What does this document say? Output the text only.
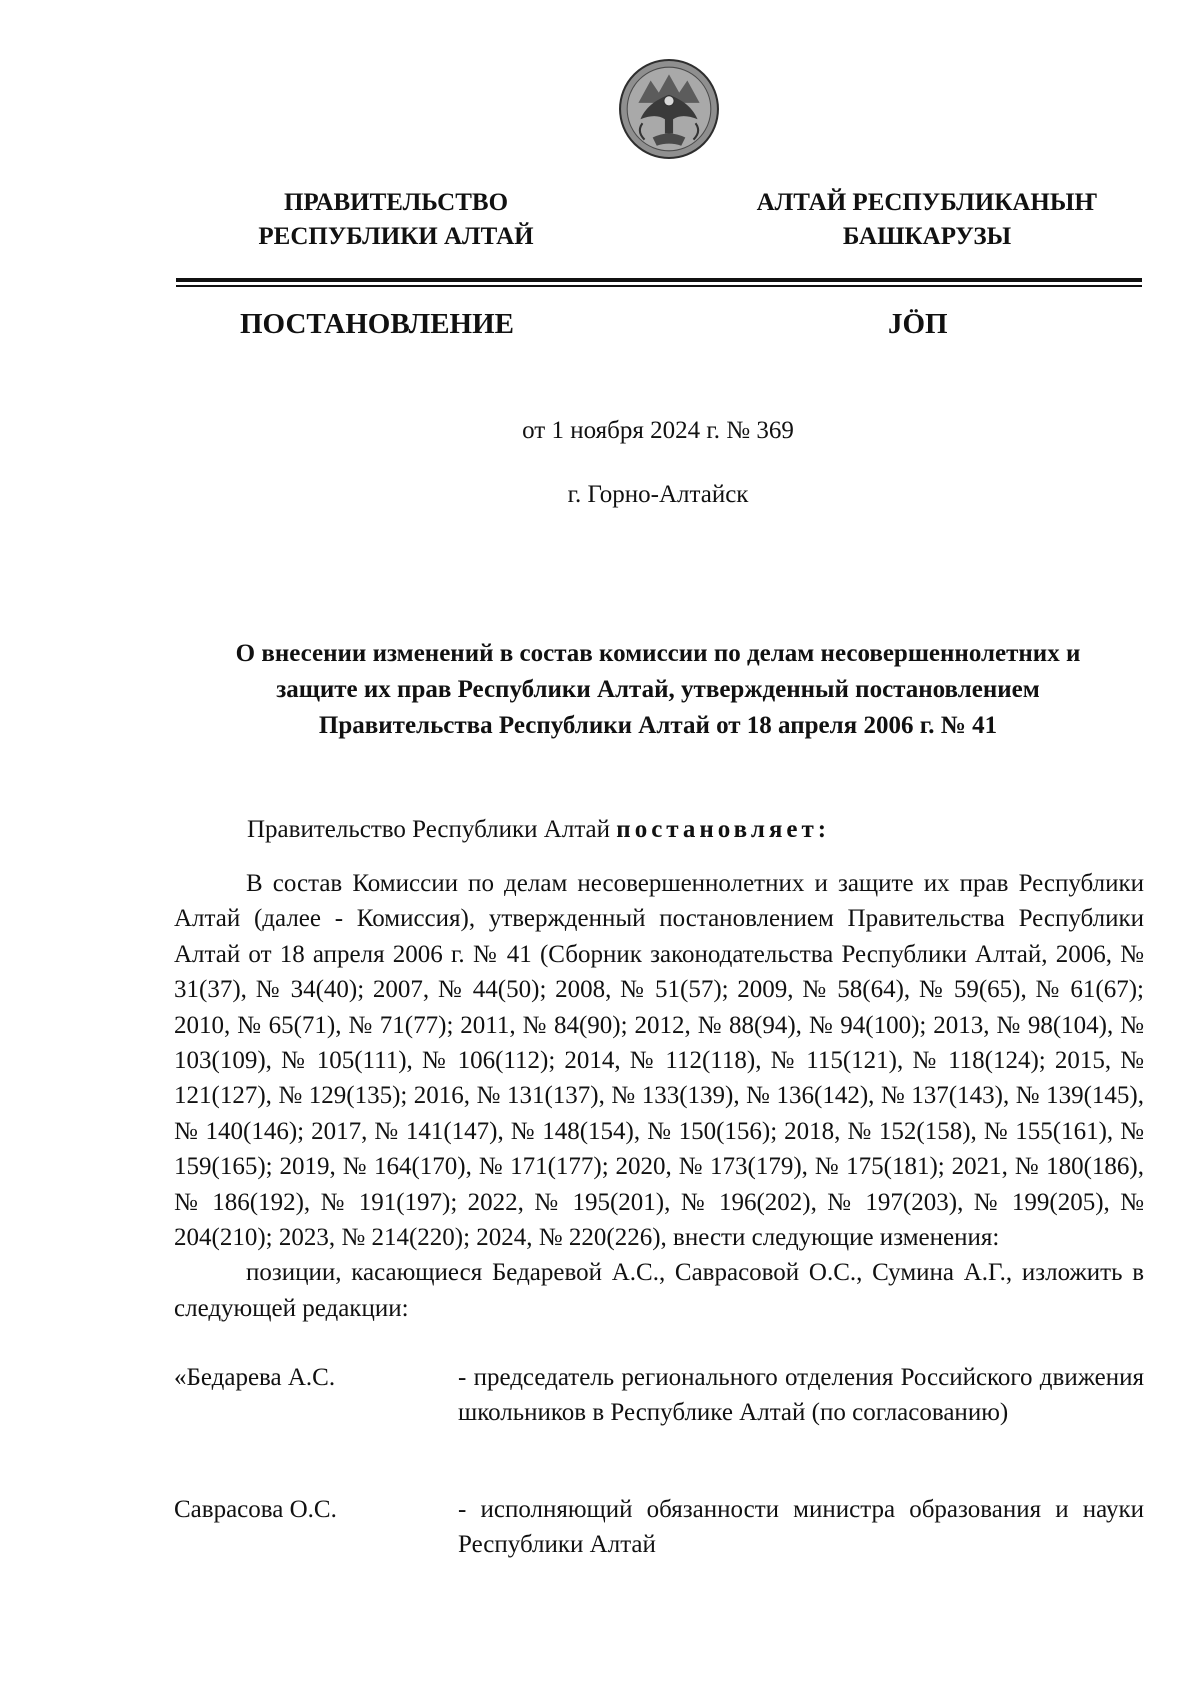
ПРАВИТЕЛЬСТВО
РЕСПУБЛИКИ АЛТАЙ
АЛТАЙ РЕСПУБЛИКАНЫҤ
БАШКАРУЗЫ
ПОСТАНОВЛЕНИЕ	JӦП
от 1 ноября 2024 г. № 369
г. Горно-Алтайск
О внесении изменений в состав комиссии по делам несовершеннолетних и
защите их прав Республики Алтай, утвержденный постановлением
Правительства Республики Алтай от 18 апреля 2006 г. № 41
Правительство Республики Алтай постановляет:

В состав Комиссии по делам несовершеннолетних и защите их прав Республики Алтай (далее - Комиссия), утвержденный постановлением Правительства Республики Алтай от 18 апреля 2006 г. № 41 (Сборник законодательства Республики Алтай, 2006, № 31(37), № 34(40); 2007, № 44(50); 2008, № 51(57); 2009, № 58(64), № 59(65), № 61(67); 2010, № 65(71), № 71(77); 2011, № 84(90); 2012, № 88(94), № 94(100); 2013, № 98(104), № 103(109), № 105(111), № 106(112); 2014, № 112(118), № 115(121), № 118(124); 2015, № 121(127), № 129(135); 2016, № 131(137), № 133(139), № 136(142), № 137(143), № 139(145), № 140(146); 2017, № 141(147), № 148(154), № 150(156); 2018, № 152(158), № 155(161), № 159(165); 2019, № 164(170), № 171(177); 2020, № 173(179), № 175(181); 2021, № 180(186), № 186(192), № 191(197); 2022, № 195(201), № 196(202), № 197(203), № 199(205), № 204(210); 2023, № 214(220); 2024, № 220(226), внести следующие изменения:

позиции, касающиеся Бедаревой А.С., Саврасовой О.С., Сумина А.Г., изложить в следующей редакции:

«Бедарева А.С.	- председатель регионального отделения Российского движения школьников в Республике Алтай (по согласованию)
Саврасова О.С.	- исполняющий обязанности министра образования и науки Республики Алтай
